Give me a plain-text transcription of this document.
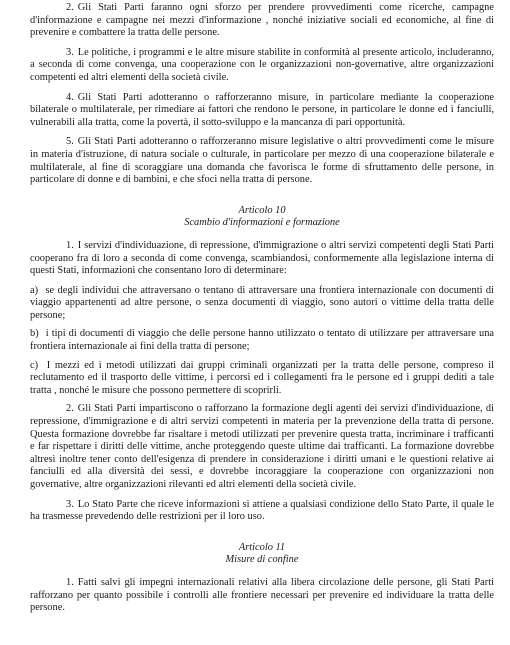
2. Gli Stati Parti faranno ogni sforzo per prendere provvedimenti come ricerche, campagne d'informazione e campagne nei mezzi d'informazione , nonché iniziative sociali ed economiche, al fine di prevenire e combattere la tratta delle persone.

3. Le politiche, i programmi e le altre misure stabilite in conformità al presente articolo, includeranno, a seconda di come convenga, una cooperazione con le organizzazioni non-governative, altre organizzazioni competenti ed altri elementi della società civile.

4. Gli Stati Parti adotteranno o rafforzeranno misure, in particolare mediante la cooperazione bilaterale o multilaterale, per rimediare ai fattori che rendono le persone, in particolare le donne ed i fanciulli, vulnerabili alla tratta, come la povertà, il sotto-sviluppo e la mancanza di pari opportunità.

5. Gli Stati Parti adotteranno o rafforzeranno misure legislative o altri provvedimenti come le misure in materia d'istruzione, di natura sociale o culturale, in particolare per mezzo di una cooperazione bilaterale e multilaterale, al fine di scoraggiare una domanda che favorisca le forme di sfruttamento delle persone, in particolare di donne e di bambini, e che sfoci nella tratta di persone.

Articolo 10

Scambio d'informazioni e formazione

1. I servizi d'individuazione, di repressione, d'immigrazione o altri servizi competenti degli Stati Parti cooperano fra di loro a seconda di come convenga, scambiandosi, conformemente alla legislazione interna di questi Stati, informazioni che consentano loro di determinare:

a) se degli individui che attraversano o tentano di attraversare una frontiera internazionale con documenti di viaggio appartenenti ad altre persone, o senza documenti di viaggio, sono autori o vittime della tratta delle persone;

b) i tipi di documenti di viaggio che delle persone hanno utilizzato o tentato di utilizzare per attraversare una frontiera internazionale ai fini della tratta di persone;

c) I mezzi ed i metodi utilizzati dai gruppi criminali organizzati per la tratta delle persone, compreso il reclutamento ed il trasporto delle vittime, i percorsi ed i collegamenti fra le persone ed i gruppi dediti a tale tratta , nonché le misure che possono permettere di scoprirli.

2. Gli Stati Parti impartiscono o rafforzano la formazione degli agenti dei servizi d'individuazione, di repressione, d'immigrazione e di altri servizi competenti in materia per la prevenzione della tratta di persone. Questa formazione dovrebbe far risaltare i metodi utilizzati per prevenire questa tratta, incriminare i trafficanti e far rispettare i diritti delle vittime, anche proteggendo queste ultime dai trafficanti. La formazione dovrebbe altresì inoltre tener conto dell'esigenza di prendere in considerazione i diritti umani e le questioni relative ai fanciulli ed alla diversità dei sessi, e dovrebbe incoraggiare la cooperazione con organizzazioni non governative, altre organizzazioni rilevanti ed altri elementi della società civile.

3. Lo Stato Parte che riceve informazioni si attiene a qualsiasi condizione dello Stato Parte, il quale le ha trasmesse prevedendo delle restrizioni per il loro uso.

Articolo 11

Misure di confine

1. Fatti salvi gli impegni internazionali relativi alla libera circolazione delle persone, gli Stati Parti rafforzano per quanto possibile i controlli alle frontiere necessari per prevenire ed individuare la tratta delle persone.
